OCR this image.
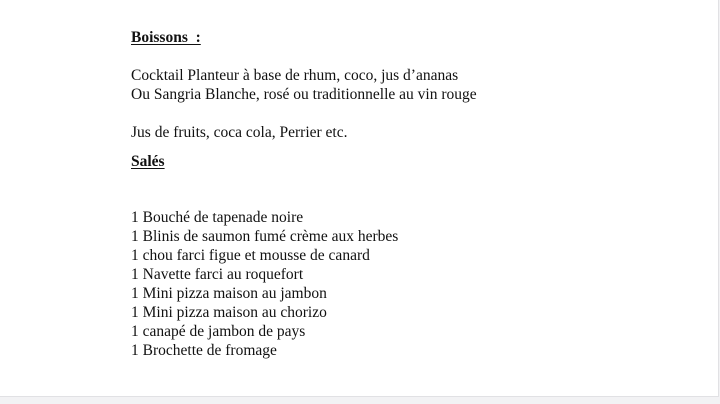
Boissons  :

Cocktail Planteur à base de rhum, coco, jus d’ananas

Ou Sangria Blanche, rosé ou traditionnelle au vin rouge

Jus de fruits, coca cola, Perrier etc.

Salés

1 Bouché de tapenade noire
1 Blinis de saumon fumé crème aux herbes
1 chou farci figue et mousse de canard
1 Navette farci au roquefort
1 Mini pizza maison au jambon
1 Mini pizza maison au chorizo
1 canapé de jambon de pays
1 Brochette de fromage
